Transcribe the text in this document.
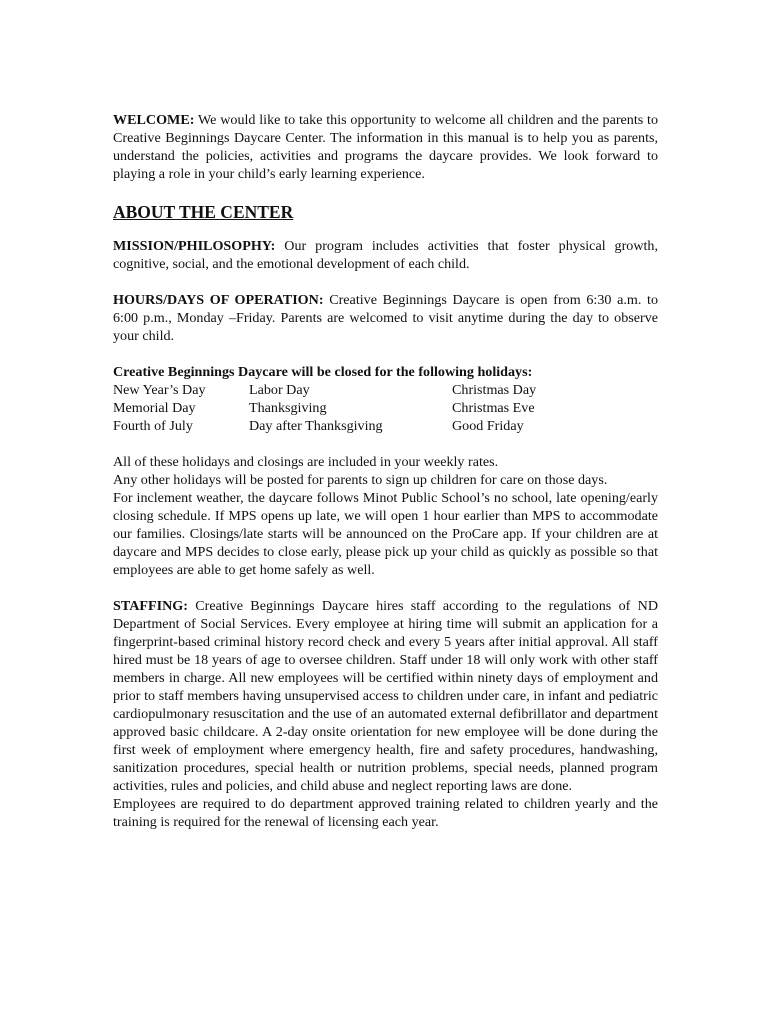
WELCOME: We would like to take this opportunity to welcome all children and the parents to Creative Beginnings Daycare Center. The information in this manual is to help you as parents, understand the policies, activities and programs the daycare provides. We look forward to playing a role in your child’s early learning experience.

ABOUT THE CENTER

MISSION/PHILOSOPHY: Our program includes activities that foster physical growth, cognitive, social, and the emotional development of each child.

HOURS/DAYS OF OPERATION: Creative Beginnings Daycare is open from 6:30 a.m. to 6:00 p.m., Monday –Friday. Parents are welcomed to visit anytime during the day to observe your child.

Creative Beginnings Daycare will be closed for the following holidays:

New Year’s Day	Labor Day	Christmas Day
Memorial Day	Thanksgiving	Christmas Eve
Fourth of July	Day after Thanksgiving	Good Friday

All of these holidays and closings are included in your weekly rates.

Any other holidays will be posted for parents to sign up children for care on those days.

For inclement weather, the daycare follows Minot Public School’s no school, late opening/early closing schedule. If MPS opens up late, we will open 1 hour earlier than MPS to accommodate our families. Closings/late starts will be announced on the ProCare app. If your children are at daycare and MPS decides to close early, please pick up your child as quickly as possible so that employees are able to get home safely as well.

STAFFING: Creative Beginnings Daycare hires staff according to the regulations of ND Department of Social Services. Every employee at hiring time will submit an application for a fingerprint-based criminal history record check and every 5 years after initial approval. All staff hired must be 18 years of age to oversee children. Staff under 18 will only work with other staff members in charge. All new employees will be certified within ninety days of employment and prior to staff members having unsupervised access to children under care, in infant and pediatric cardiopulmonary resuscitation and the use of an automated external defibrillator and department approved basic childcare. A 2-day onsite orientation for new employee will be done during the first week of employment where emergency health, fire and safety procedures, handwashing, sanitization procedures, special health or nutrition problems, special needs, planned program activities, rules and policies, and child abuse and neglect reporting laws are done.

Employees are required to do department approved training related to children yearly and the training is required for the renewal of licensing each year.
